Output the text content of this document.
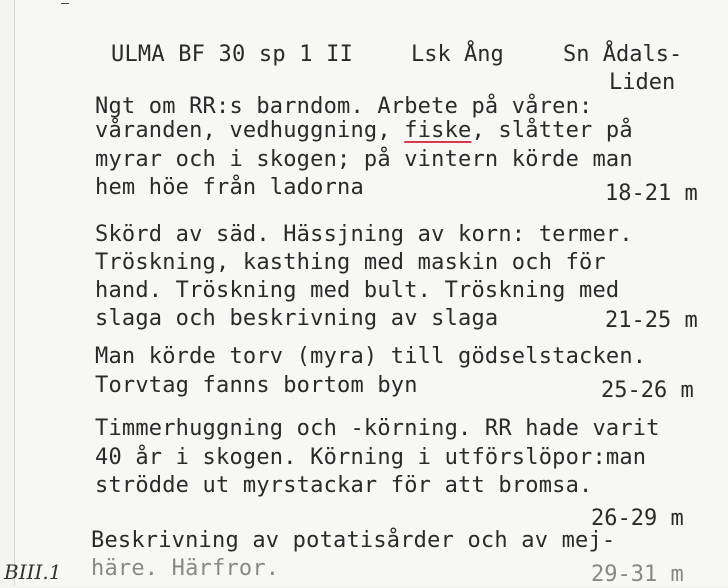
ULMA BF 30 sp 1 II	Lsk Ång	Sn Ådals-
Liden
Ngt om RR:s barndom. Arbete på våren:
våranden, vedhuggning, fiske, slåtter på
myrar och i skogen; på vintern körde man
hem höe från ladorna	18-21 m
Skörd av säd. Hässjning av korn: termer.
Tröskning, kasthing med maskin och för
hand. Tröskning med bult. Tröskning med
slaga och beskrivning av slaga	21-25 m
Man körde torv (myra) till gödselstacken.
Torvtag fanns bortom byn	25-26 m
Timmerhuggning och -körning. RR hade varit
40 år i skogen. Körning i utförslöpor:man
strödde ut myrstackar för att bromsa.
26-29 m
Beskrivning av potatisårder och av mej-
häre. Härfror.	29-31 m
BIII.1
